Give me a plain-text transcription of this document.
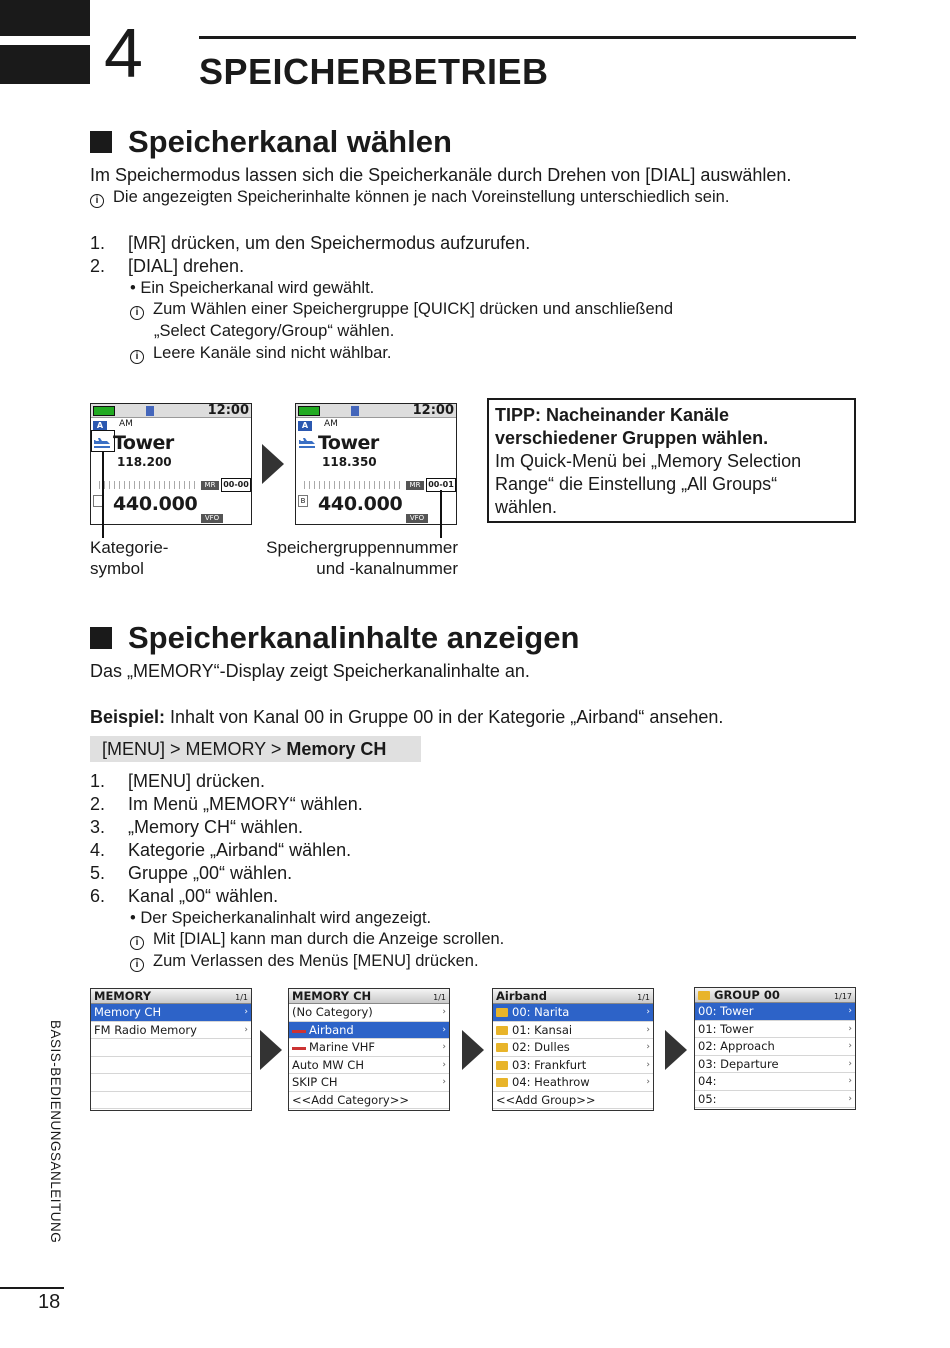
4 SPEICHERBETRIEB
Speicherkanal wählen
Im Speichermodus lassen sich die Speicherkanäle durch Drehen von [DIAL] auswählen.
i Die angezeigten Speicherinhalte können je nach Voreinstellung unterschiedlich sein.
1. [MR] drücken, um den Speichermodus aufzurufen.
2. [DIAL] drehen.
• Ein Speicherkanal wird gewählt.
i Zum Wählen einer Speichergruppe [QUICK] drücken und anschließend
„Select Category/Group“ wählen.
i Leere Kanäle sind nicht wählbar.
12:00
A	AM
Tower
118.200
MR 00-00
440.000
VFO
12:00
A	AM
Tower
118.350
MR 00-01
B 440.000
VFO
Kategorie-
symbol
Speichergruppennummer
und -kanalnummer
TIPP: Nacheinander Kanäle
verschiedener Gruppen wählen.
Im Quick-Menü bei „Memory Selection
Range“ die Einstellung „All Groups“
wählen.
Speicherkanalinhalte anzeigen
Das „MEMORY“-Display zeigt Speicherkanalinhalte an.
Beispiel: Inhalt von Kanal 00 in Gruppe 00 in der Kategorie „Airband“ ansehen.
[MENU] > MEMORY > Memory CH
1. [MENU] drücken.
2. Im Menü „MEMORY“ wählen.
3. „Memory CH“ wählen.
4. Kategorie „Airband“ wählen.
5. Gruppe „00“ wählen.
6. Kanal „00“ wählen.
• Der Speicherkanalinhalt wird angezeigt.
i Mit [DIAL] kann man durch die Anzeige scrollen.
i Zum Verlassen des Menüs [MENU] drücken.
MEMORY	1/1
Memory CH	›
FM Radio Memory	›
MEMORY CH	1/1
(No Category)	›
Airband	›
Marine VHF	›
Auto MW CH	›
SKIP CH	›
<<Add Category>>
Airband	1/1
00: Narita	›
01: Kansai	›
02: Dulles	›
03: Frankfurt	›
04: Heathrow	›
<<Add Group>>
GROUP 00	1/17
00: Tower	›
01: Tower	›
02: Approach	›
03: Departure	›
04:	›
05:	›
BASIS-BEDIENUNGSANLEITUNG
18
